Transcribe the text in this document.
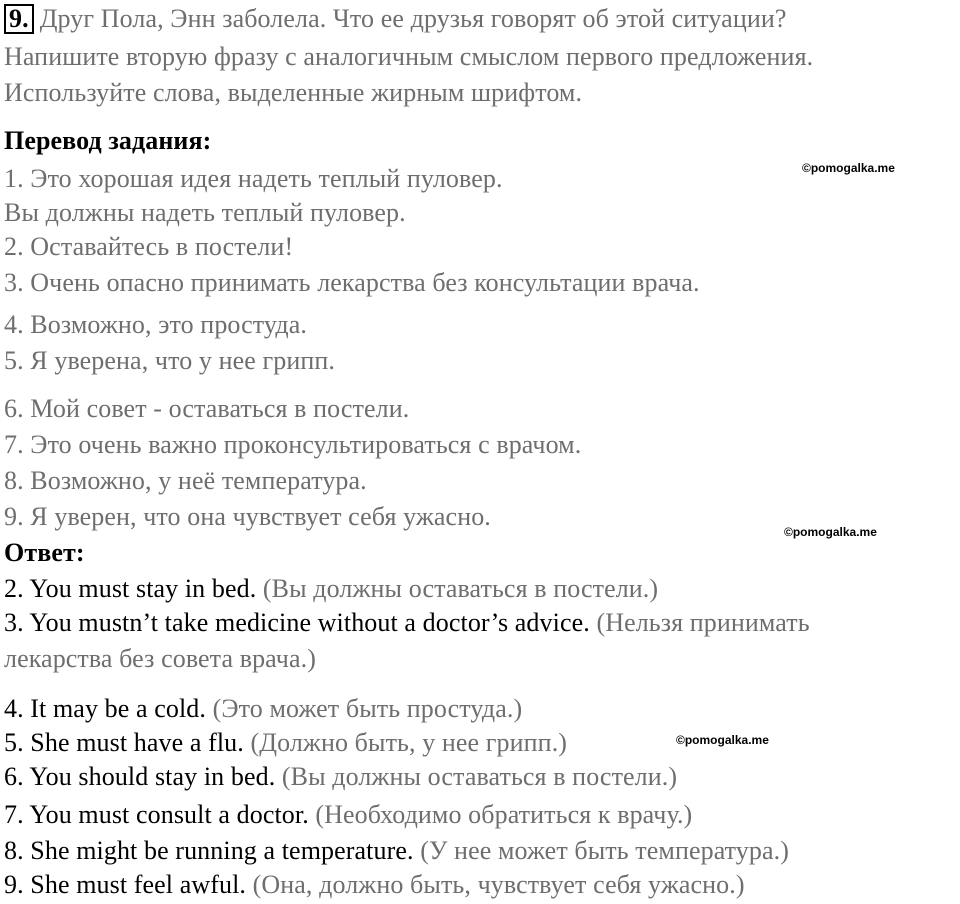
9. Друг Пола, Энн заболела. Что ее друзья говорят об этой ситуации?
Напишите вторую фразу с аналогичным смыслом первого предложения.
Используйте слова, выделенные жирным шрифтом.
Перевод задания:
©pomogalka.me
1. Это хорошая идея надеть теплый пуловер.
Вы должны надеть теплый пуловер.
2. Оставайтесь в постели!
3. Очень опасно принимать лекарства без консультации врача.
4. Возможно, это простуда.
5. Я уверена, что у нее грипп.
6. Мой совет - оставаться в постели.
7. Это очень важно проконсультироваться с врачом.
8. Возможно, у неё температура.
9. Я уверен, что она чувствует себя ужасно.
©pomogalka.me
Ответ:
2. You must stay in bed. (Вы должны оставаться в постели.)
3. You mustn’t take medicine without a doctor’s advice. (Нельзя принимать
лекарства без совета врача.)
4. It may be a cold. (Это может быть простуда.)
5. She must have a flu. (Должно быть, у нее грипп.)	©pomogalka.me
6. You should stay in bed. (Вы должны оставаться в постели.)
7. You must consult a doctor. (Необходимо обратиться к врачу.)
8. She might be running a temperature. (У нее может быть температура.)
9. She must feel awful. (Она, должно быть, чувствует себя ужасно.)
